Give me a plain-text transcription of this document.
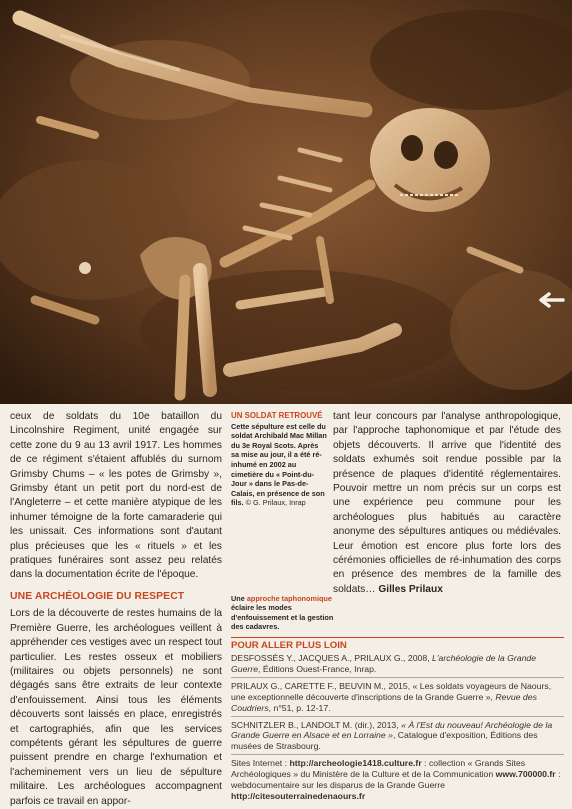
ceux de soldats du 10e bataillon du Lincolnshire Regiment, unité engagée sur cette zone du 9 au 13 avril 1917. Les hommes de ce régiment s'étaient affublés du surnom Grimsby Chums – « les potes de Grimsby », Grimsby étant un petit port du nord-est de l'Angleterre – et cette manière atypique de les inhumer témoigne de la forte camaraderie qui les unissait. Ces informations sont d'autant plus précieuses que les « rituels » et les pratiques funéraires sont assez peu relatés dans la documentation écrite de l'époque.

UNE ARCHÉOLOGIE DU RESPECT

Lors de la découverte de restes humains de la Première Guerre, les archéologues veillent à appréhender ces vestiges avec un respect tout particulier. Les restes osseux et mobiliers (militaires ou objets personnels) ne sont dégagés sans être extraits de leur contexte d'enfouissement. Ainsi tous les éléments découverts sont laissés en place, enregistrés et cartographiés, afin que les services compétents gérant les sépultures de guerre puissent prendre en charge l'exhumation et l'acheminement vers un lieu de sépulture militaire. Les archéologues accompagnent parfois ce travail en appor-

UN SOLDAT RETROUVÉ
Cette sépulture est celle du soldat Archibald Mac Millan du 3e Royal Scots. Après sa mise au jour, il a été ré-inhumé en 2002 au cimetière du « Point-du-Jour » dans le Pas-de-Calais, en présence de son fils. © G. Prilaux, Inrap
Une approche taphonomique éclaire les modes d'enfouissement et la gestion des cadavres.

tant leur concours par l'analyse anthropologique, par l'approche taphonomique et par l'étude des objets découverts. Il arrive que l'identité des soldats exhumés soit rendue possible par la présence de plaques d'identité réglementaires. Pouvoir mettre un nom précis sur un corps est une expérience peu commune pour les archéologues plus habitués au caractère anonyme des sépultures antiques ou médiévales. Leur émotion est encore plus forte lors des cérémonies officielles de ré-inhumation des corps en présence des membres de la famille des soldats… Gilles Prilaux

POUR ALLER PLUS LOIN
DESFOSSÉS Y., JACQUES A., PRILAUX G., 2008, L'archéologie de la Grande Guerre, Éditions Ouest-France, Inrap.
PRILAUX G., CARETTE F., BEUVIN M., 2015, « Les soldats voyageurs de Naours, une exceptionnelle découverte d'inscriptions de la Grande Guerre », Revue des Coudriers, n°51, p. 12-17.
SCHNITZLER B., LANDOLT M. (dir.), 2013, « À l'Est du nouveau! Archéologie de la Grande Guerre en Alsace et en Lorraine », Catalogue d'exposition, Éditions des musées de Strasbourg.
Sites Internet : http://archeologie1418.culture.fr : collection « Grands Sites Archéologiques » du Ministère de la Culture et de la Communication www.700000.fr : webdocumentaire sur les disparus de la Grande Guerre http://citesouterrainedenaours.fr
